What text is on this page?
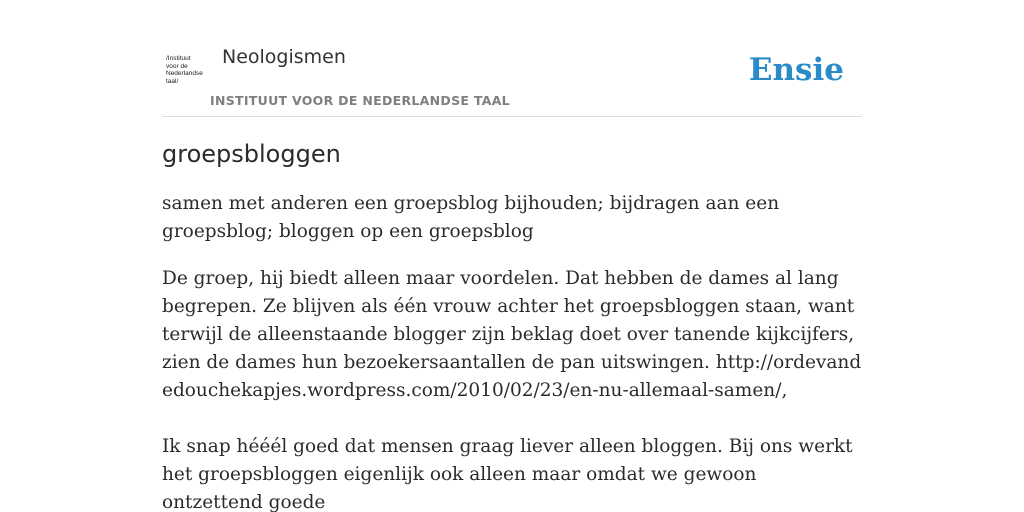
/Instituut
voor de
Nederlandse
taal/
Neologismen
INSTITUUT VOOR DE NEDERLANDSE TAAL
Ensie
groepsbloggen

samen met anderen een groepsblog bijhouden; bijdragen aan een groepsblog; bloggen op een groepsblog

De groep, hij biedt alleen maar voordelen. Dat hebben de dames al lang begrepen. Ze blijven als één vrouw achter het groepsbloggen staan, want terwijl de alleenstaande blogger zijn beklag doet over tanende kijkcijfers, zien de dames hun bezoekersaantallen de pan uitswingen. http://ordevandedouchekapjes.wordpress.com/2010/02/23/en-nu-allemaal-samen/,

Ik snap hééél goed dat mensen graag liever alleen bloggen. Bij ons werkt het groepsbloggen eigenlijk ook alleen maar omdat we gewoon ontzettend goede
